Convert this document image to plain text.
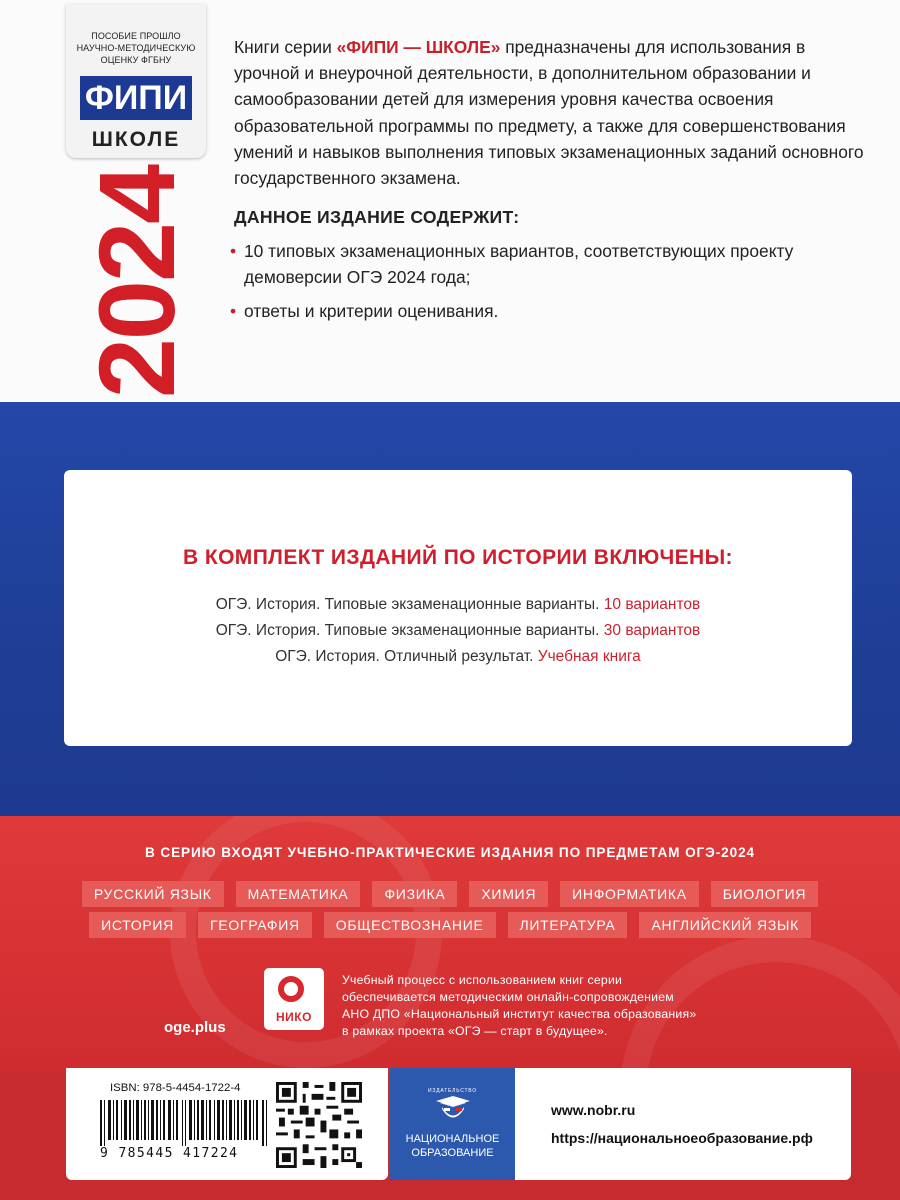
ПОСОБИЕ ПРОШЛО
НАУЧНО-МЕТОДИЧЕСКУЮ
ОЦЕНКУ ФГБНУ
ФИПИ
ШКОЛЕ
2024
Книги серии «ФИПИ — ШКОЛЕ» предназначены для использования в урочной и внеурочной деятельности, в дополнительном образовании и самообразовании детей для измерения уровня качества освоения образовательной программы по предмету, а также для совершенствования умений и навыков выполнения типовых экзаменационных заданий основного государственного экзамена.
ДАННОЕ ИЗДАНИЕ СОДЕРЖИТ:
• 10 типовых экзаменационных вариантов, соответствующих проекту демоверсии ОГЭ 2024 года;
• ответы и критерии оценивания.
В КОМПЛЕКТ ИЗДАНИЙ ПО ИСТОРИИ ВКЛЮЧЕНЫ:
ОГЭ. История. Типовые экзаменационные варианты. 10 вариантов
ОГЭ. История. Типовые экзаменационные варианты. 30 вариантов
ОГЭ. История. Отличный результат. Учебная книга
В СЕРИЮ ВХОДЯТ УЧЕБНО-ПРАКТИЧЕСКИЕ ИЗДАНИЯ ПО ПРЕДМЕТАМ ОГЭ-2024
РУССКИЙ ЯЗЫК	МАТЕМАТИКА	ФИЗИКА	ХИМИЯ	ИНФОРМАТИКА	БИОЛОГИЯ
ИСТОРИЯ	ГЕОГРАФИЯ	ОБЩЕСТВОЗНАНИЕ	ЛИТЕРАТУРА	АНГЛИЙСКИЙ ЯЗЫК
НИКО
oge.plus
Учебный процесс с использованием книг серии
обеспечивается методическим онлайн-сопровождением
АНО ДПО «Национальный институт качества образования»
в рамках проекта «ОГЭ — старт в будущее».
ISBN: 978-5-4454-1722-4
9 785445 417224
ИЗДАТЕЛЬСТВО
НАЦИОНАЛЬНОЕ
ОБРАЗОВАНИЕ
www.nobr.ru
https://национальноеобразование.рф
